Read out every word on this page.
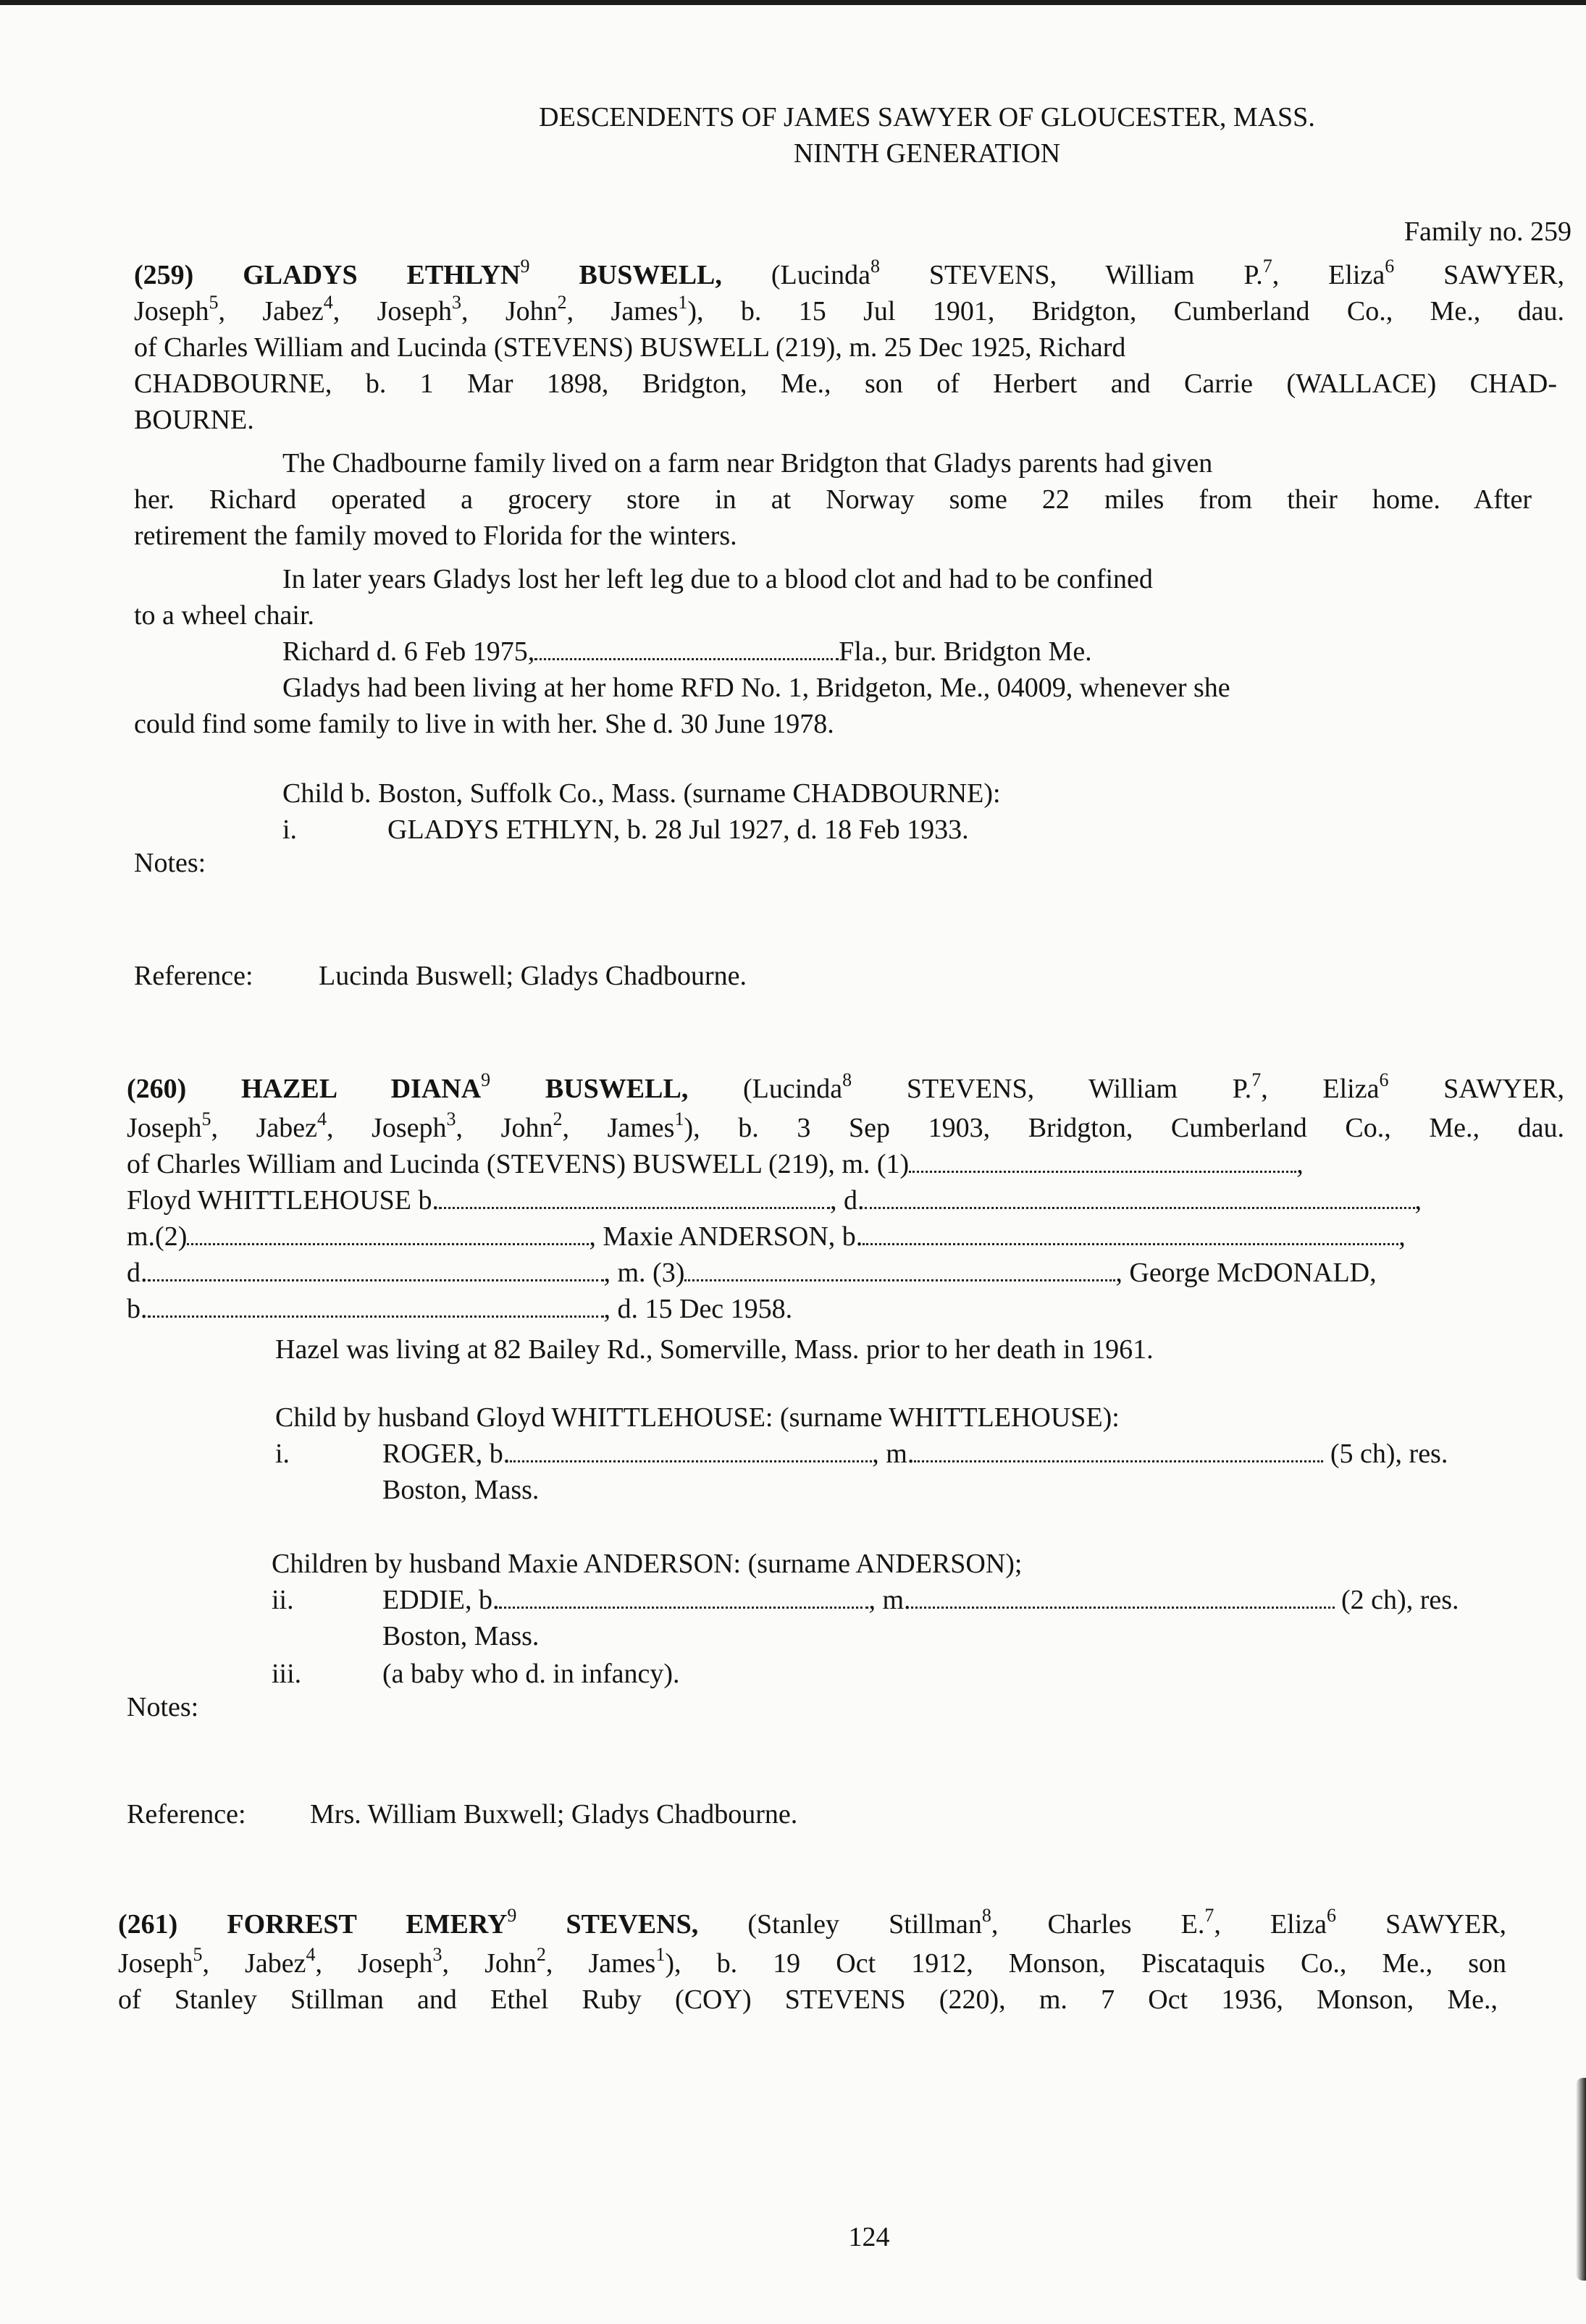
DESCENDENTS OF JAMES SAWYER OF GLOUCESTER, MASS.
NINTH GENERATION
Family no. 259
(259) GLADYS ETHLYN$^9$ BUSWELL, (Lucinda$^8$ STEVENS, William P.$^7$, Eliza$^6$ SAWYER,
Joseph$^5$, Jabez$^4$, Joseph$^3$, John$^2$, James$^1$), b. 15 Jul 1901, Bridgton, Cumberland Co., Me., dau.
of Charles William and Lucinda (STEVENS) BUSWELL (219), m. 25 Dec 1925, Richard
CHADBOURNE, b. 1 Mar 1898, Bridgton, Me., son of Herbert and Carrie (WALLACE) CHAD-
BOURNE.
The Chadbourne family lived on a farm near Bridgton that Gladys parents had given
her. Richard operated a grocery store in at Norway some 22 miles from their home. After
retirement the family moved to Florida for the winters.
In later years Gladys lost her left leg due to a blood clot and had to be confined
to a wheel chair.
Richard d. 6 Feb 1975,	Fla., bur. Bridgton Me.
Gladys had been living at her home RFD No. 1, Bridgeton, Me., 04009, whenever she
could find some family to live in with her. She d. 30 June 1978.
Child b. Boston, Suffolk Co., Mass. (surname CHADBOURNE):
i.	GLADYS ETHLYN, b. 28 Jul 1927, d. 18 Feb 1933.
Notes:
Reference: Lucinda Buswell; Gladys Chadbourne.
(260) HAZEL DIANA$^9$ BUSWELL, (Lucinda$^8$ STEVENS, William P.$^7$, Eliza$^6$ SAWYER,
Joseph$^5$, Jabez$^4$, Joseph$^3$, John$^2$, James$^1$), b. 3 Sep 1903, Bridgton, Cumberland Co., Me., dau.
of Charles William and Lucinda (STEVENS) BUSWELL (219), m. (1)	,
Floyd WHITTLEHOUSE b.	, d.	,
m.(2)	, Maxie ANDERSON, b.	,
d.	, m. (3)	, George McDONALD,
b.	, d. 15 Dec 1958.
Hazel was living at 82 Bailey Rd., Somerville, Mass. prior to her death in 1961.
Child by husband Gloyd WHITTLEHOUSE: (surname WHITTLEHOUSE):
i.	ROGER, b.	, m.	(5 ch), res.
Boston, Mass.
Children by husband Maxie ANDERSON: (surname ANDERSON);
ii.	EDDIE, b.	, m.	(2 ch), res.
Boston, Mass.
iii.	(a baby who d. in infancy).
Notes:
Reference: Mrs. William Buxwell; Gladys Chadbourne.
(261) FORREST EMERY$^9$ STEVENS, (Stanley Stillman$^8$, Charles E.$^7$, Eliza$^6$ SAWYER,
Joseph$^5$, Jabez$^4$, Joseph$^3$, John$^2$, James$^1$), b. 19 Oct 1912, Monson, Piscataquis Co., Me., son
of Stanley Stillman and Ethel Ruby (COY) STEVENS (220), m. 7 Oct 1936, Monson, Me.,
124
